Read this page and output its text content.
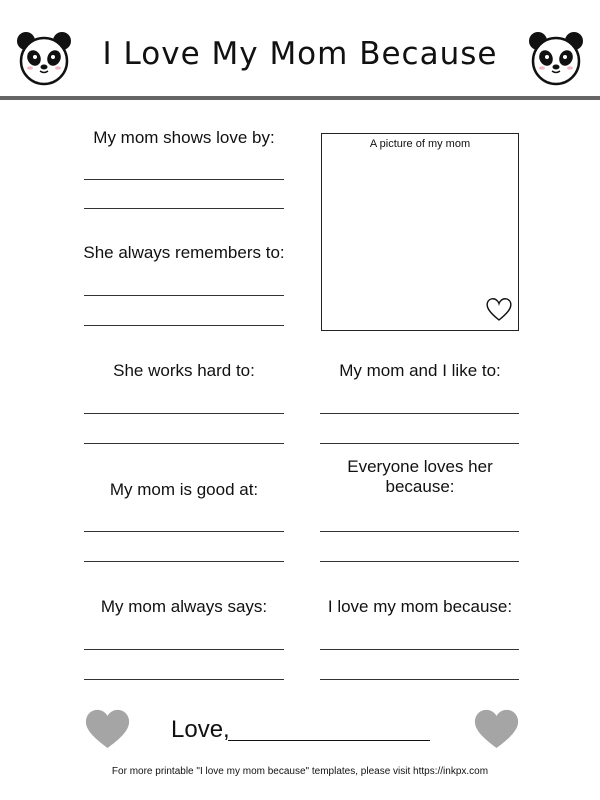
I Love My Mom Because
My mom shows love by:
She always remembers to:
A picture of my mom
She works hard to:	My mom and I like to:
My mom is good at:
Everyone loves her because:
My mom always says:	I love my mom because:
Love,
For more printable "I love my mom because" templates, please visit https://inkpx.com
